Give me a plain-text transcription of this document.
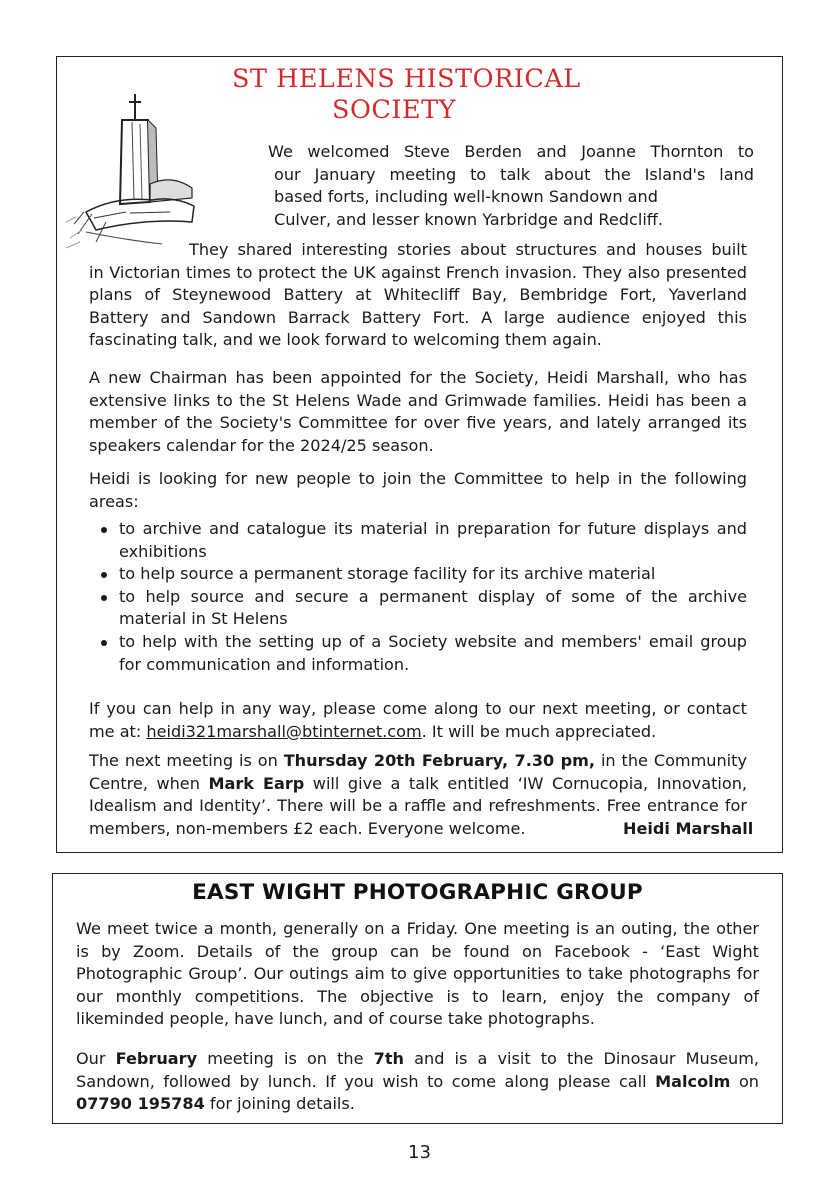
ST HELENS HISTORICAL
SOCIETY
We welcomed Steve Berden and Joanne Thornton to
our January meeting to talk about the Island's land
based forts, including well-known Sandown and
Culver, and lesser known Yarbridge and Redcliff.
They shared interesting stories about structures and houses built
in Victorian times to protect the UK against French invasion. They also presented plans of Steynewood Battery at Whitecliff Bay, Bembridge Fort, Yaverland Battery and Sandown Barrack Battery Fort. A large audience enjoyed this fascinating talk, and we look forward to welcoming them again.
A new Chairman has been appointed for the Society, Heidi Marshall, who has extensive links to the St Helens Wade and Grimwade families. Heidi has been a member of the Society's Committee for over five years, and lately arranged its speakers calendar for the 2024/25 season.
Heidi is looking for new people to join the Committee to help in the following areas:
to archive and catalogue its material in preparation for future displays and exhibitions
to help source a permanent storage facility for its archive material
to help source and secure a permanent display of some of the archive material in St Helens
to help with the setting up of a Society website and members' email group for communication and information.
If you can help in any way, please come along to our next meeting, or contact me at: heidi321marshall@btinternet.com. It will be much appreciated.
The next meeting is on Thursday 20th February, 7.30 pm, in the Community Centre, when Mark Earp will give a talk entitled ‘IW Cornucopia, Innovation, Idealism and Identity’. There will be a raffle and refreshments. Free entrance for members, non-members £2 each. Everyone welcome.	Heidi Marshall
EAST WIGHT PHOTOGRAPHIC GROUP
We meet twice a month, generally on a Friday. One meeting is an outing, the other is by Zoom. Details of the group can be found on Facebook - ‘East Wight Photographic Group’. Our outings aim to give opportunities to take photographs for our monthly competitions. The objective is to learn, enjoy the company of likeminded people, have lunch, and of course take photographs.
Our February meeting is on the 7th and is a visit to the Dinosaur Museum, Sandown, followed by lunch. If you wish to come along please call Malcolm on 07790 195784 for joining details.
13
